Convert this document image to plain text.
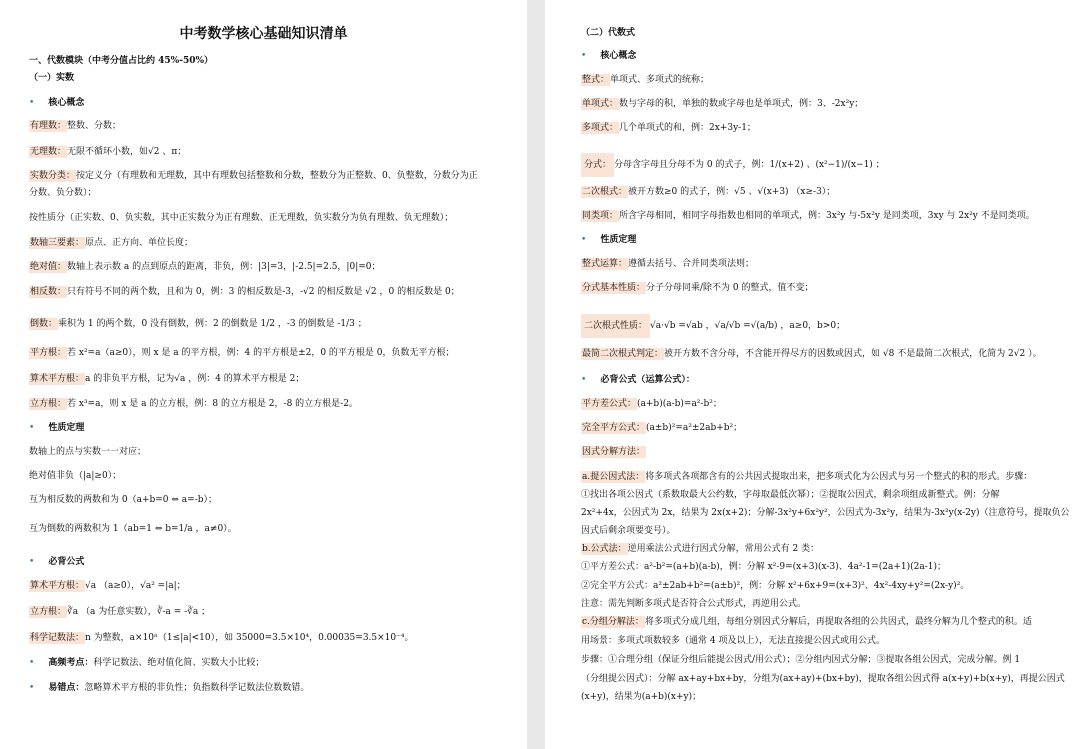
中考数学核心基础知识清单
一、代数模块（中考分值占比约 45%-50%）
（一）实数
• 核心概念
有理数：整数、分数；
无理数：无限不循环小数，如√2 、π；
实数分类：按定义分（有理数和无理数，其中有理数包括整数和分数，整数分为正整数、0、负整数，分数分为正
分数、负分数）；
按性质分（正实数、0、负实数，其中正实数分为正有理数、正无理数，负实数分为负有理数、负无理数）；
数轴三要素：原点、正方向、单位长度；
绝对值：数轴上表示数 a 的点到原点的距离，非负，例：|3|=3，|-2.5|=2.5，|0|=0；
相反数：只有符号不同的两个数，且和为 0，例：3 的相反数是-3，-√2 的相反数是 √2 ，0 的相反数是 0；
倒数：乘积为 1 的两个数，0 没有倒数，例：2 的倒数是 1/2 ，-3 的倒数是 -1/3 ；
平方根：若 x²=a（a≥0），则 x 是 a 的平方根，例：4 的平方根是±2，0 的平方根是 0，负数无平方根；
算术平方根：a 的非负平方根，记为√a ，例：4 的算术平方根是 2；
立方根：若 x³=a，则 x 是 a 的立方根，例：8 的立方根是 2，-8 的立方根是-2。
• 性质定理
数轴上的点与实数一一对应；
绝对值非负（|a|≥0）；
互为相反数的两数和为 0（a+b=0 ⇔ a=-b）；
互为倒数的两数积为 1（ab=1 ⇔ b=1/a ，a≠0）。
• 必背公式
算术平方根：√a （a≥0），√a² =|a|；
立方根：∛a （a 为任意实数），∛-a = -∛a ；
科学记数法：n 为整数，a×10ⁿ（1≤|a|<10），如 35000=3.5×10⁴，0.00035=3.5×10⁻⁴。
• 高频考点：科学记数法、绝对值化简、实数大小比较；
• 易错点：忽略算术平方根的非负性；负指数科学记数法位数数错。
（二）代数式
• 核心概念
整式：单项式、多项式的统称；
单项式：数与字母的积，单独的数或字母也是单项式，例：3、-2x²y；
多项式：几个单项式的和，例：2x+3y-1；
分式： 分母含字母且分母不为 0 的式子，例：1/(x+2) 、(x²−1)/(x−1) ；
二次根式：被开方数≥0 的式子，例：√5 、√(x+3) （x≥-3）；
同类项：所含字母相同，相同字母指数也相同的单项式，例：3x²y 与-5x²y 是同类项，3xy 与 2x²y 不是同类项。
• 性质定理
整式运算：遵循去括号、合并同类项法则；
分式基本性质：分子分母同乘/除不为 0 的整式，值不变；
二次根式性质： √a·√b =√ab ，√a/√b =√(a/b) ，a≥0，b>0；
最简二次根式判定：被开方数不含分母，不含能开得尽方的因数或因式，如 √8 不是最简二次根式，化简为 2√2 ）。
• 必背公式（运算公式）：
平方差公式：(a+b)(a-b)=a²-b²；
完全平方公式：(a±b)²=a²±2ab+b²；
因式分解方法：
a.提公因式法：将多项式各项都含有的公共因式提取出来，把多项式化为公因式与另一个整式的积的形式。步骤：
①找出各项公因式（系数取最大公约数，字母取最低次幂）；②提取公因式，剩余项组成新整式。例：分解
2x²+4x，公因式为 2x，结果为 2x(x+2)；分解-3x²y+6x²y²，公因式为-3x²y，结果为-3x²y(x-2y)（注意符号，提取负公
因式后剩余项要变号）。
b.公式法：逆用乘法公式进行因式分解，常用公式有 2 类：
①平方差公式：a²-b²=(a+b)(a-b)，例：分解 x²-9=(x+3)(x-3)、4a²-1=(2a+1)(2a-1)；
②完全平方公式：a²±2ab+b²=(a±b)²，例：分解 x²+6x+9=(x+3)²、4x²-4xy+y²=(2x-y)²。
注意：需先判断多项式是否符合公式形式，再逆用公式。
c.分组分解法：将多项式分成几组，每组分别因式分解后，再提取各组的公共因式，最终分解为几个整式的积。适
用场景：多项式项数较多（通常 4 项及以上），无法直接提公因式或用公式。
步骤：①合理分组（保证分组后能提公因式/用公式）；②分组内因式分解；③提取各组公因式，完成分解。例 1
（分组提公因式）：分解 ax+ay+bx+by，分组为(ax+ay)+(bx+by)，提取各组公因式得 a(x+y)+b(x+y)，再提公因式
(x+y)，结果为(a+b)(x+y)；
